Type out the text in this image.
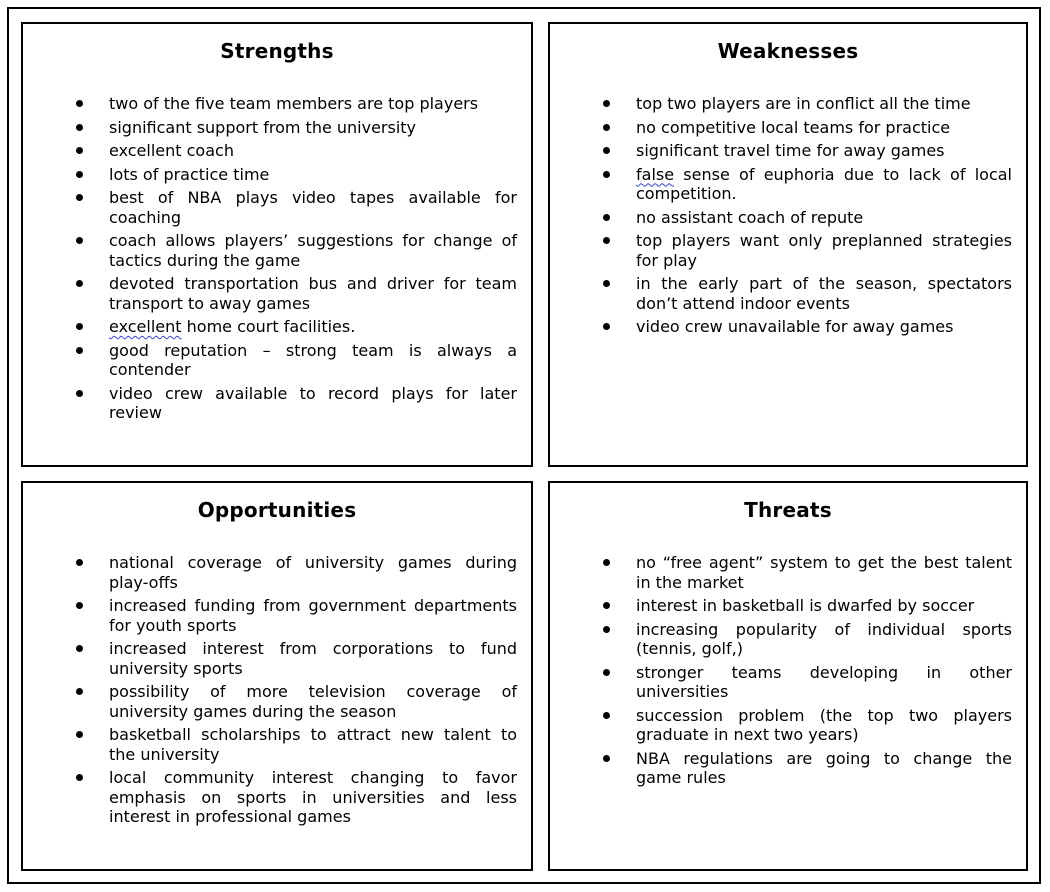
Strengths
two of the five team members are top players
significant support from the university
excellent coach
lots of practice time
best of NBA plays video tapes available for coaching
coach allows players’ suggestions for change of tactics during the game
devoted transportation bus and driver for team transport to away games
excellent home court facilities.
good reputation – strong team is always a contender
video crew available to record plays for later review
Weaknesses
top two players are in conflict all the time
no competitive local teams for practice
significant travel time for away games
false sense of euphoria due to lack of local competition.
no assistant coach of repute
top players want only preplanned strategies for play
in the early part of the season, spectators don’t attend indoor events
video crew unavailable for away games
Opportunities
national coverage of university games during play-offs
increased funding from government departments for youth sports
increased interest from corporations to fund university sports
possibility of more television coverage of university games during the season
basketball scholarships to attract new talent to the university
local community interest changing to favor emphasis on sports in universities and less interest in professional games
Threats
no “free agent” system to get the best talent in the market
interest in basketball is dwarfed by soccer
increasing popularity of individual sports (tennis, golf,)
stronger teams developing in other universities
succession problem (the top two players graduate in next two years)
NBA regulations are going to change the game rules
